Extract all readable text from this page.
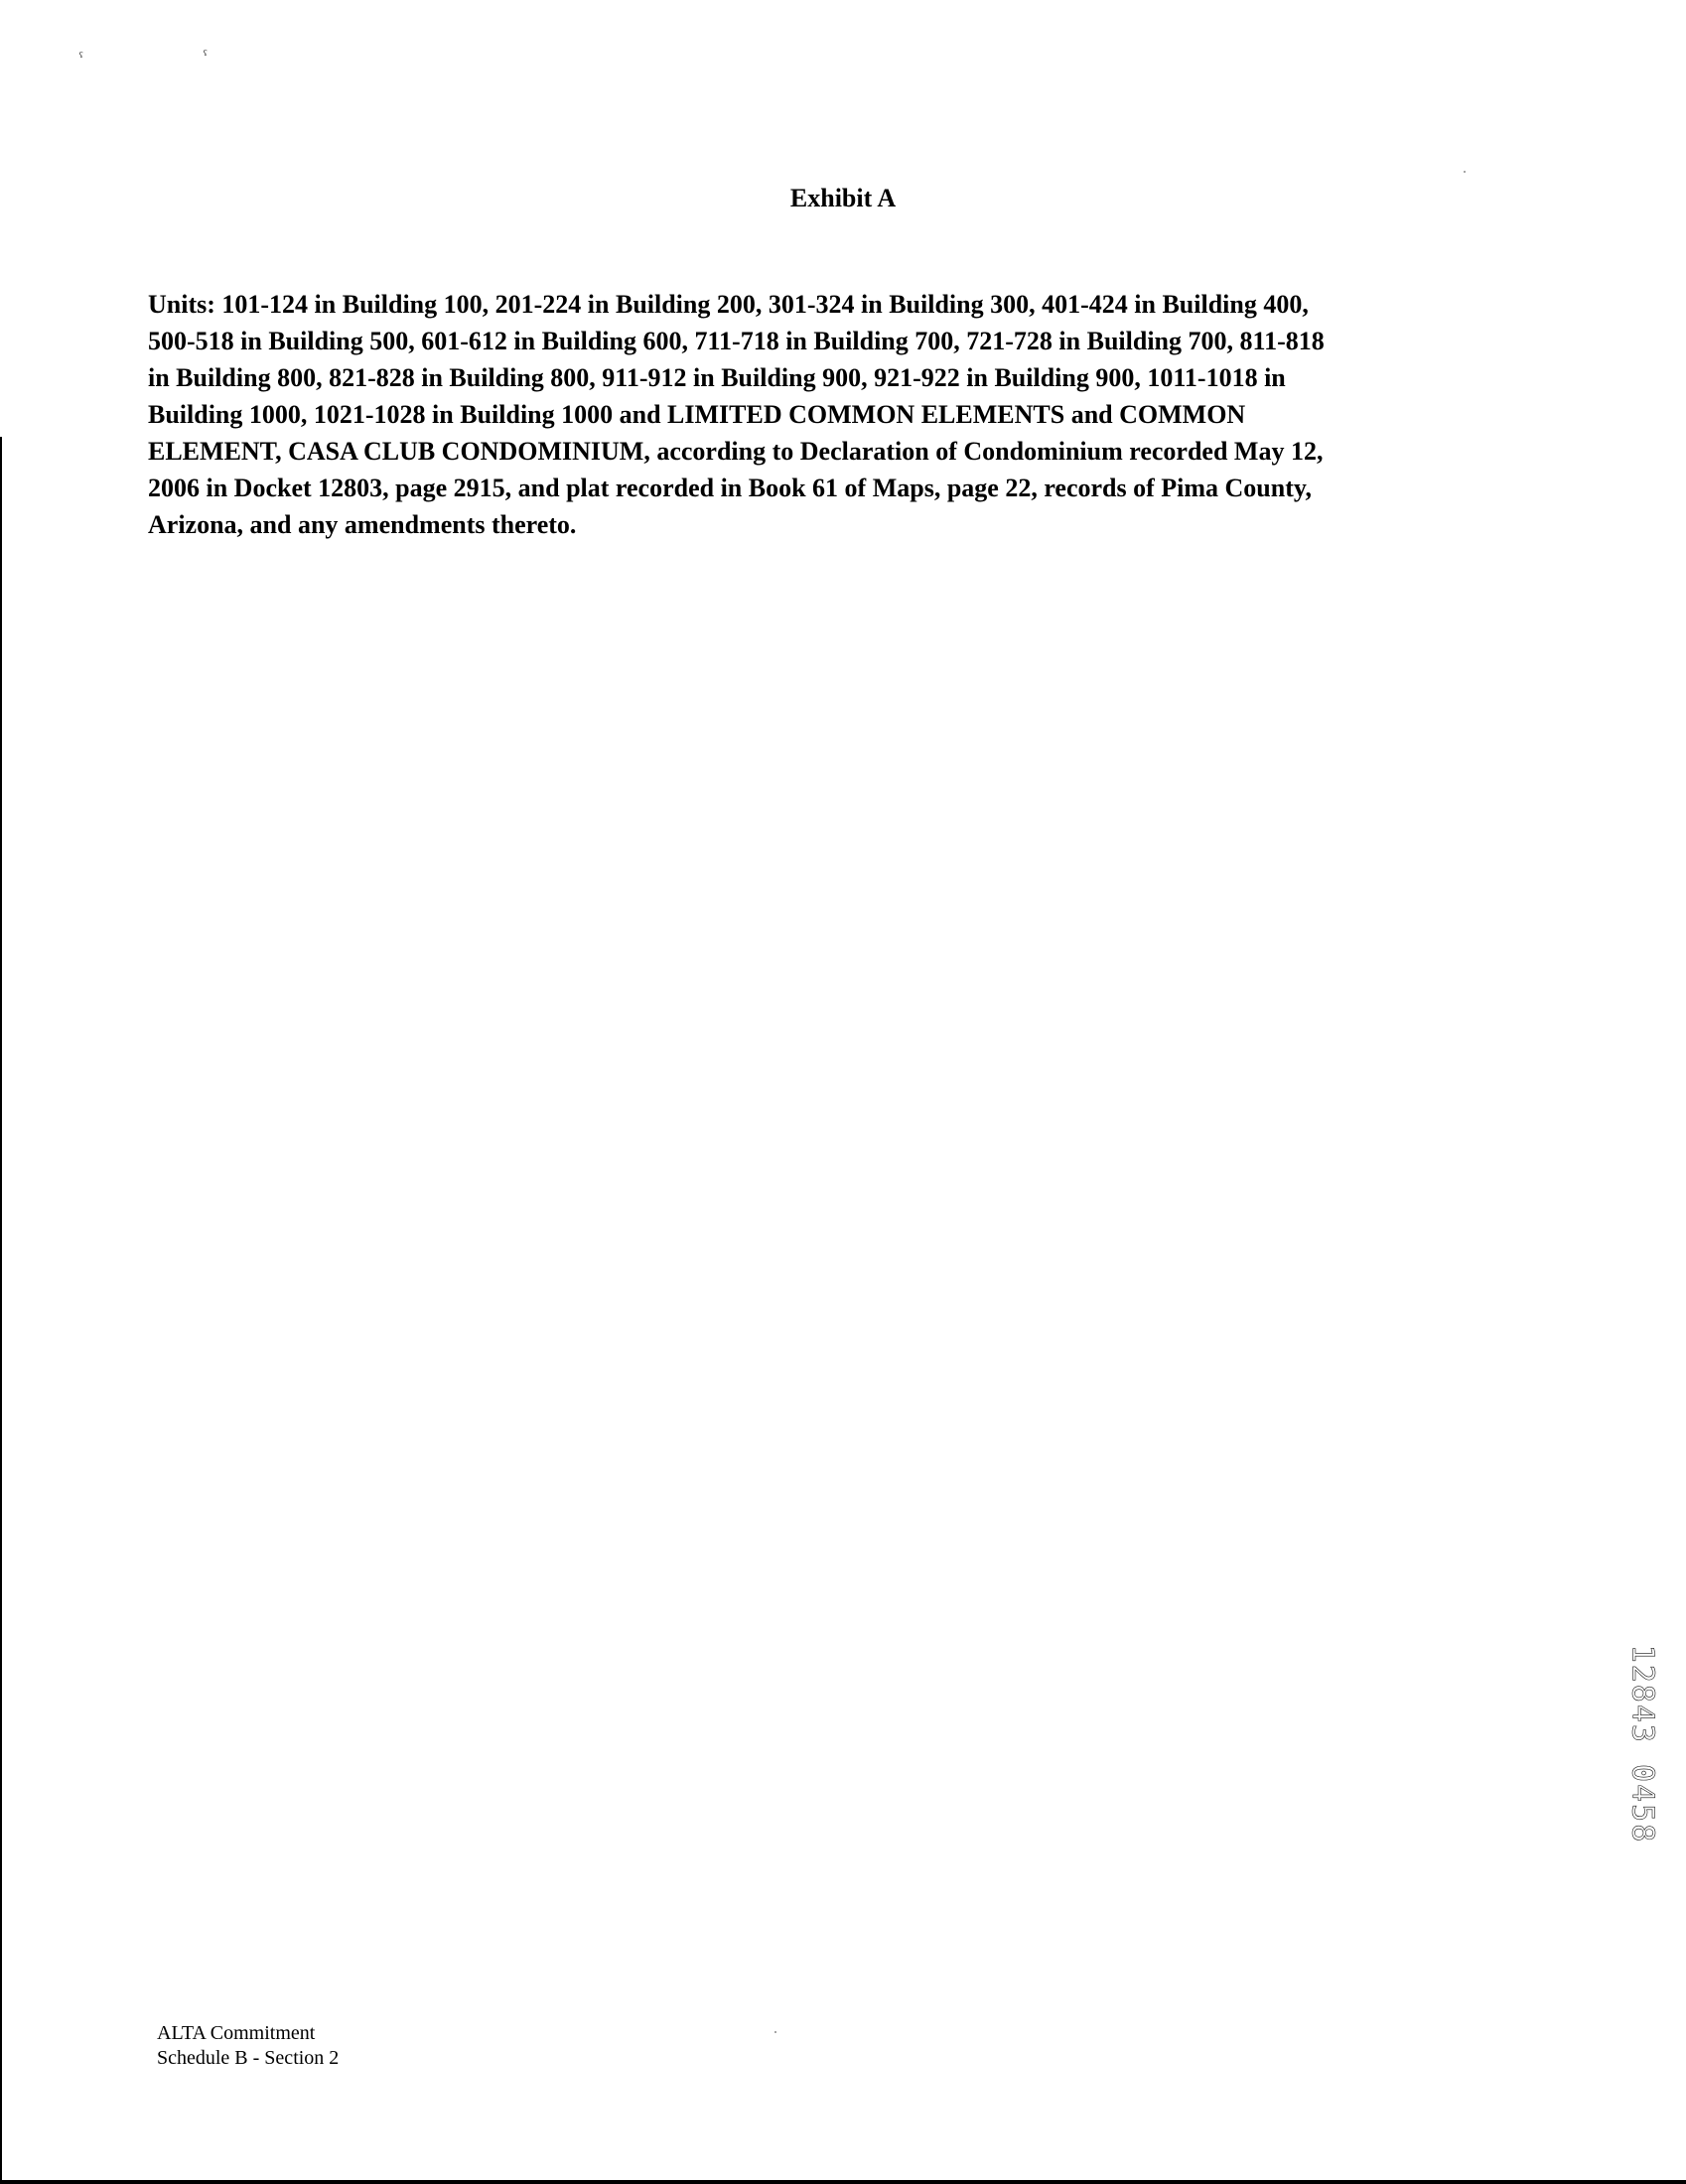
ˤ	ˤ
Exhibit A
Units: 101-124 in Building 100, 201-224 in Building 200, 301-324 in Building 300, 401-424 in Building 400,
500-518 in Building 500, 601-612 in Building 600, 711-718 in Building 700, 721-728 in Building 700, 811-818
in Building 800, 821-828 in Building 800, 911-912 in Building 900, 921-922 in Building 900, 1011-1018 in
Building 1000, 1021-1028 in Building 1000 and LIMITED COMMON ELEMENTS and COMMON
ELEMENT, CASA CLUB CONDOMINIUM, according to Declaration of Condominium recorded May 12,
2006 in Docket 12803, page 2915, and plat recorded in Book 61 of Maps, page 22, records of Pima County,
Arizona, and any amendments thereto.
12843 0458
ALTA Commitment
Schedule B - Section 2
